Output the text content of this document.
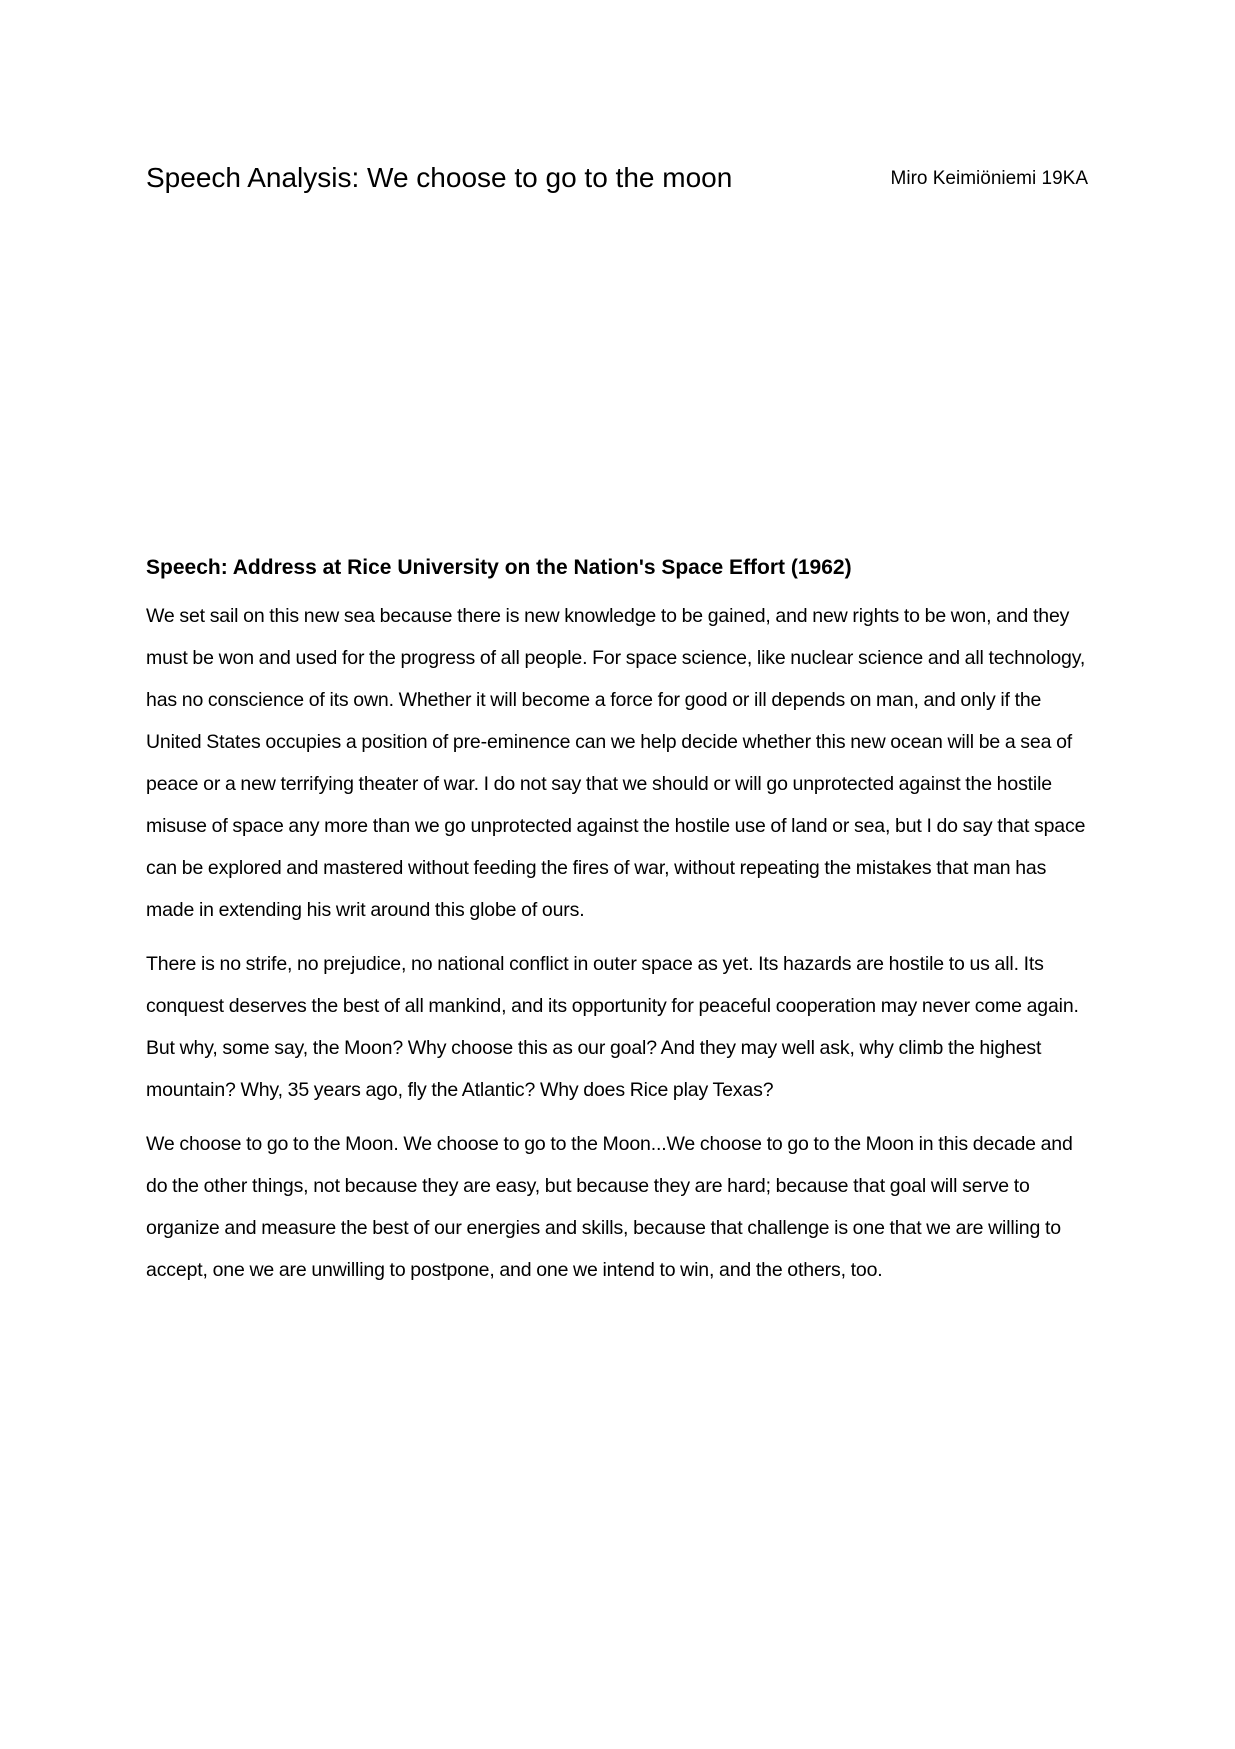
Speech Analysis: We choose to go to the moon	Miro Keimiöniemi 19KA
Speech: Address at Rice University on the Nation's Space Effort (1962)

We set sail on this new sea because there is new knowledge to be gained, and new rights to be won, and they must be won and used for the progress of all people. For space science, like nuclear science and all technology, has no conscience of its own. Whether it will become a force for good or ill depends on man, and only if the United States occupies a position of pre-eminence can we help decide whether this new ocean will be a sea of peace or a new terrifying theater of war. I do not say that we should or will go unprotected against the hostile misuse of space any more than we go unprotected against the hostile use of land or sea, but I do say that space can be explored and mastered without feeding the fires of war, without repeating the mistakes that man has made in extending his writ around this globe of ours.

There is no strife, no prejudice, no national conflict in outer space as yet. Its hazards are hostile to us all. Its conquest deserves the best of all mankind, and its opportunity for peaceful cooperation may never come again. But why, some say, the Moon? Why choose this as our goal? And they may well ask, why climb the highest mountain? Why, 35 years ago, fly the Atlantic? Why does Rice play Texas?

We choose to go to the Moon. We choose to go to the Moon...We choose to go to the Moon in this decade and do the other things, not because they are easy, but because they are hard; because that goal will serve to organize and measure the best of our energies and skills, because that challenge is one that we are willing to accept, one we are unwilling to postpone, and one we intend to win, and the others, too.
